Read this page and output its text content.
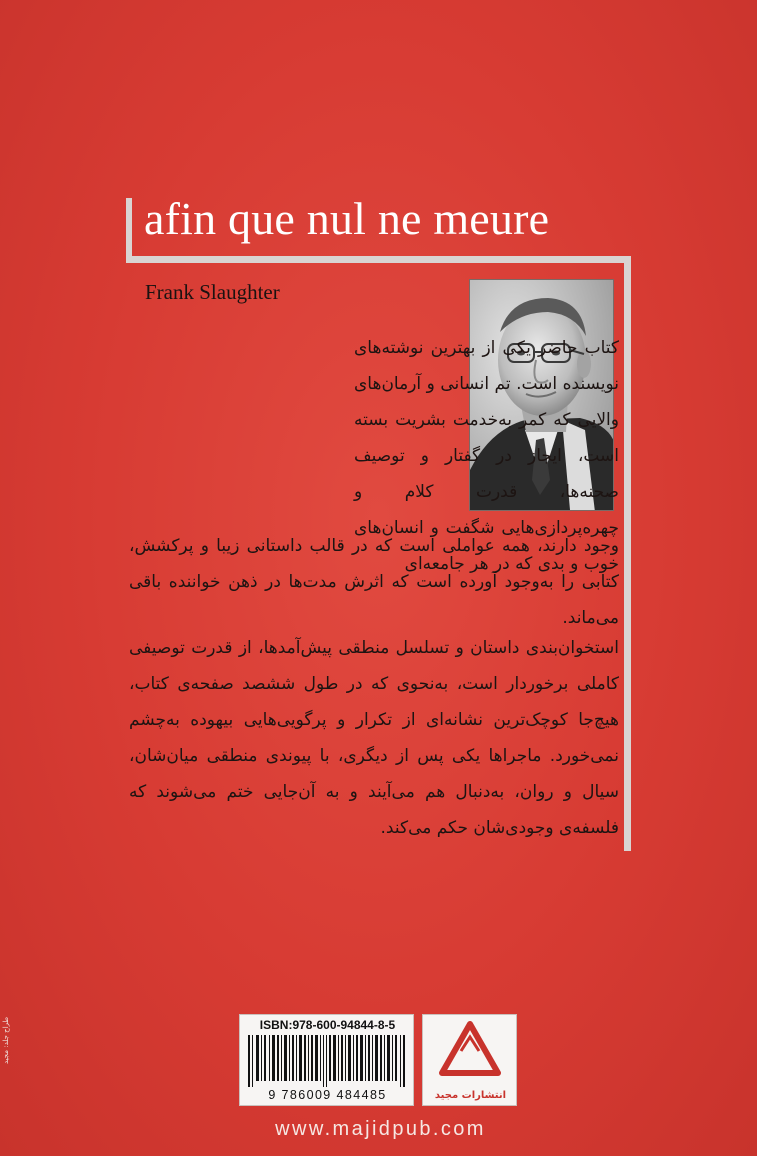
afin que nul ne meure
Frank Slaughter
کتاب حاضر یکی از بهترین نوشته‌های نویسنده است. تم انسانی و آرمان‌های والایی که کمر به‌خدمت بشریت بسته است، ایجاز در گفتار و توصیف صحنه‌ها، قدرت کلام و چهره‌پردازی‌هایی شگفت و انسان‌های خوب و بدی که در هر جامعه‌ای
وجود دارند، همه عواملی است که در قالب داستانی زیبا و پرکشش، کتابی را به‌وجود آورده است که اثرش مدت‌ها در ذهن خواننده باقی می‌ماند.
استخوان‌بندی داستان و تسلسل منطقی پیش‌آمدها، از قدرت توصیفی کاملی برخوردار است، به‌نحوی که در طول ششصد صفحه‌ی کتاب، هیچ‌جا کوچک‌ترین نشانه‌ای از تکرار و پرگویی‌هایی بیهوده به‌چشم نمی‌خورد. ماجراها یکی پس از دیگری، با پیوندی منطقی میان‌شان، سیال و روان، به‌دنبال هم می‌آیند و به آن‌جایی ختم می‌شوند که فلسفه‌ی وجودی‌شان حکم می‌کند.
ISBN:978-600-94844-8-5
9 786009 484485	انتشارات مجید
www.majidpub.com
طراح جلد: مجید
